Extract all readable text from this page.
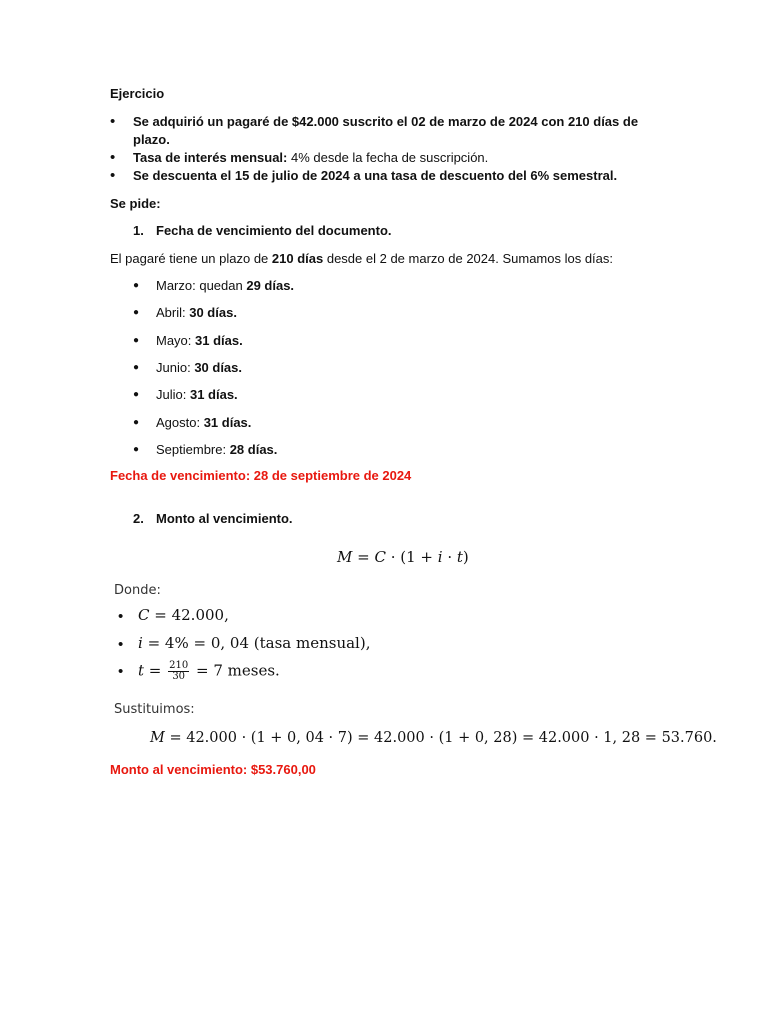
Ejercicio
• Se adquirió un pagaré de $42.000 suscrito el 02 de marzo de 2024 con 210 días de
plazo.
• Tasa de interés mensual: 4% desde la fecha de suscripción.
• Se descuenta el 15 de julio de 2024 a una tasa de descuento del 6% semestral.
Se pide:
1. Fecha de vencimiento del documento.
El pagaré tiene un plazo de 210 días desde el 2 de marzo de 2024. Sumamos los días:
● Marzo: quedan 29 días.
● Abril: 30 días.
● Mayo: 31 días.
● Junio: 30 días.
● Julio: 31 días.
● Agosto: 31 días.
● Septiembre: 28 días.
Fecha de vencimiento: 28 de septiembre de 2024
2. Monto al vencimiento.
M = C · (1 + i · t)
Donde:
• C = 42.000,
• i = 4% = 0, 04 (tasa mensual),
• $t = \frac{210}{30} = 7$ meses.
Sustituimos:
M = 42.000 · (1 + 0, 04 · 7) = 42.000 · (1 + 0, 28) = 42.000 · 1, 28 = 53.760.
Monto al vencimiento: $53.760,00
